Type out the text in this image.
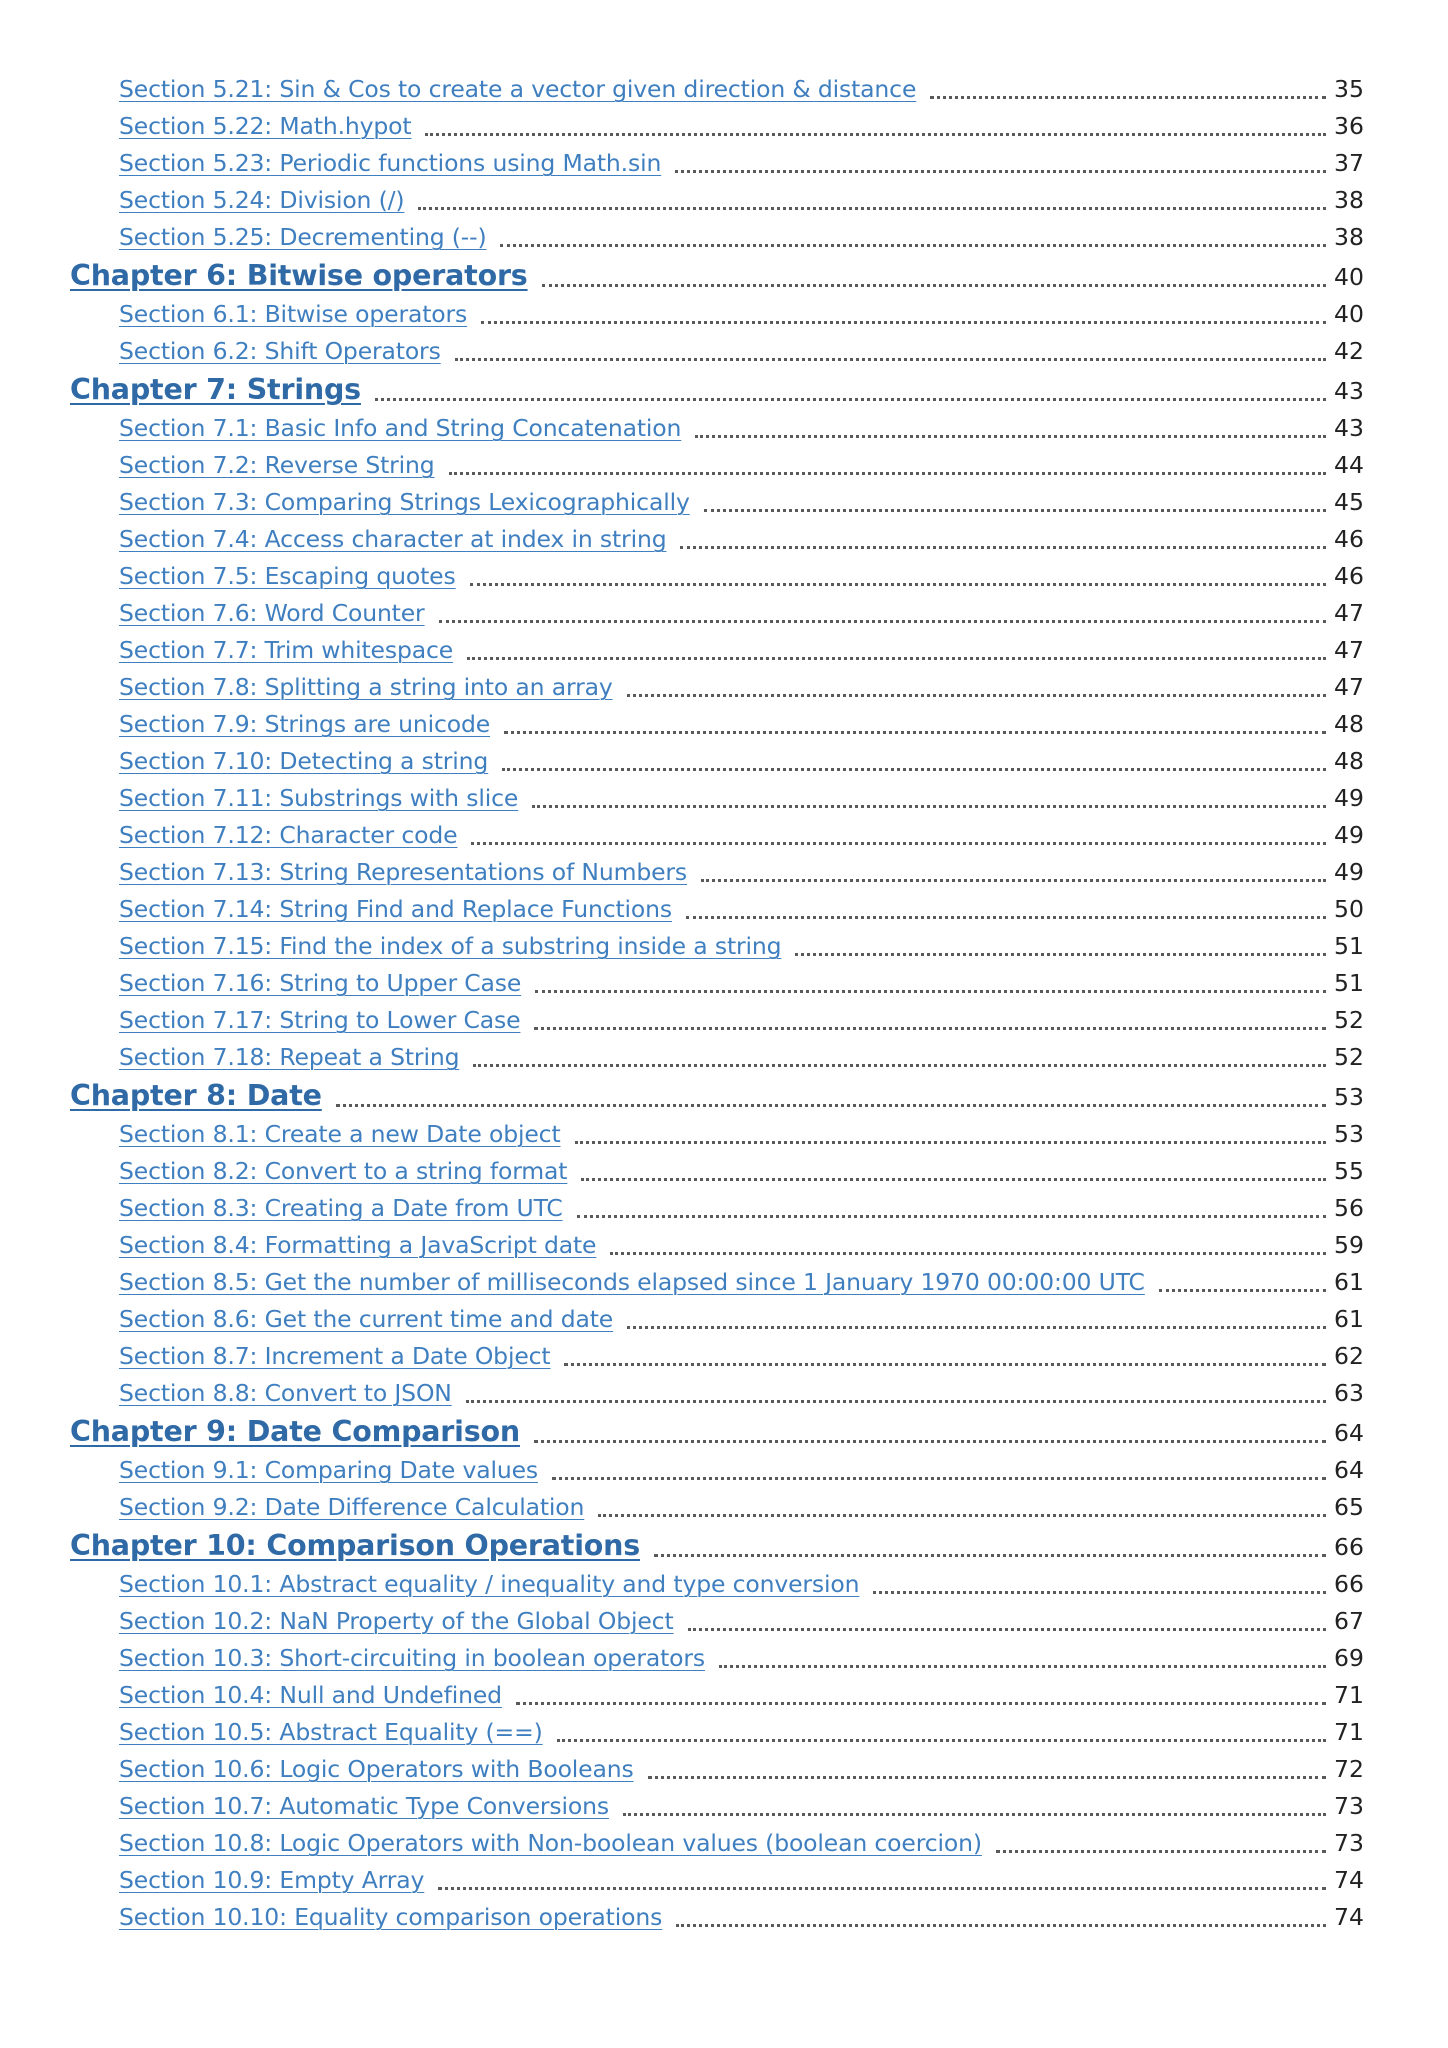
Section 5.21: Sin & Cos to create a vector given direction & distance	35
Section 5.22: Math.hypot	36
Section 5.23: Periodic functions using Math.sin	37
Section 5.24: Division (/)	38
Section 5.25: Decrementing (--)	38
Chapter 6: Bitwise operators	40
Section 6.1: Bitwise operators	40
Section 6.2: Shift Operators	42
Chapter 7: Strings	43
Section 7.1: Basic Info and String Concatenation	43
Section 7.2: Reverse String	44
Section 7.3: Comparing Strings Lexicographically	45
Section 7.4: Access character at index in string	46
Section 7.5: Escaping quotes	46
Section 7.6: Word Counter	47
Section 7.7: Trim whitespace	47
Section 7.8: Splitting a string into an array	47
Section 7.9: Strings are unicode	48
Section 7.10: Detecting a string	48
Section 7.11: Substrings with slice	49
Section 7.12: Character code	49
Section 7.13: String Representations of Numbers	49
Section 7.14: String Find and Replace Functions	50
Section 7.15: Find the index of a substring inside a string	51
Section 7.16: String to Upper Case	51
Section 7.17: String to Lower Case	52
Section 7.18: Repeat a String	52
Chapter 8: Date	53
Section 8.1: Create a new Date object	53
Section 8.2: Convert to a string format	55
Section 8.3: Creating a Date from UTC	56
Section 8.4: Formatting a JavaScript date	59
Section 8.5: Get the number of milliseconds elapsed since 1 January 1970 00:00:00 UTC	61
Section 8.6: Get the current time and date	61
Section 8.7: Increment a Date Object	62
Section 8.8: Convert to JSON	63
Chapter 9: Date Comparison	64
Section 9.1: Comparing Date values	64
Section 9.2: Date Difference Calculation	65
Chapter 10: Comparison Operations	66
Section 10.1: Abstract equality / inequality and type conversion	66
Section 10.2: NaN Property of the Global Object	67
Section 10.3: Short-circuiting in boolean operators	69
Section 10.4: Null and Undefined	71
Section 10.5: Abstract Equality (==)	71
Section 10.6: Logic Operators with Booleans	72
Section 10.7: Automatic Type Conversions	73
Section 10.8: Logic Operators with Non-boolean values (boolean coercion)	73
Section 10.9: Empty Array	74
Section 10.10: Equality comparison operations	74
